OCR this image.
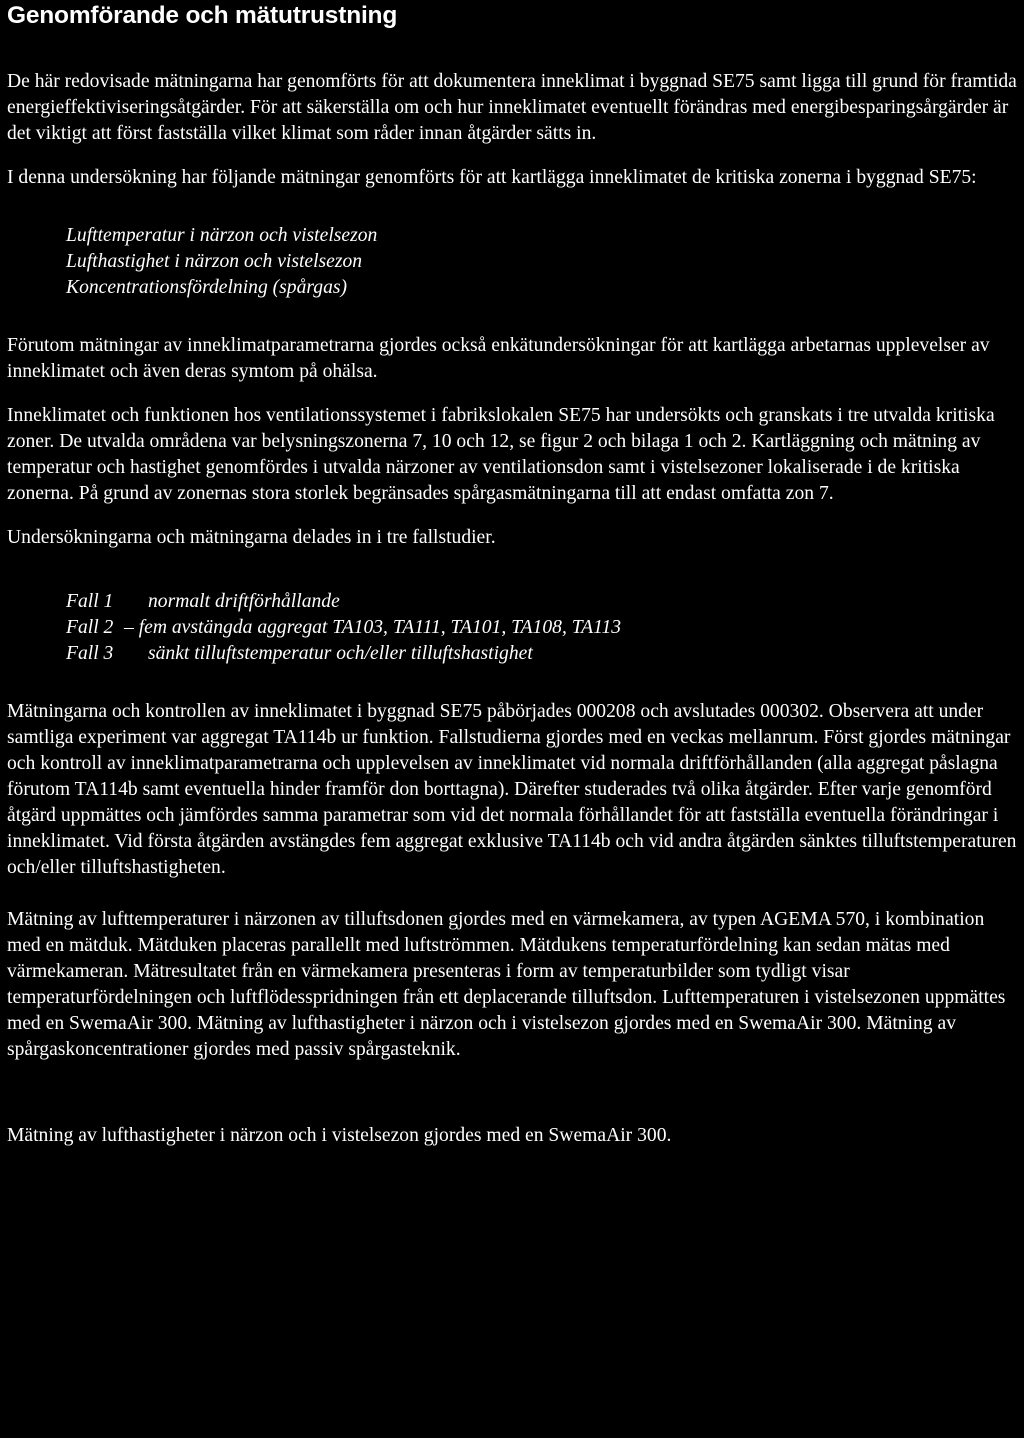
Genomförande och mätutrustning

De här redovisade mätningarna har genomförts för att dokumentera inneklimat i byggnad SE75 samt ligga till grund för framtida energieffektiviseringsåtgärder. För att säkerställa om och hur inneklimatet eventuellt förändras med energibesparingsårgärder är det viktigt att först fastställa vilket klimat som råder innan åtgärder sätts in.

I denna undersökning har följande mätningar genomförts för att kartlägga inneklimatet de kritiska zonerna i byggnad SE75:

Lufttemperatur i närzon och vistelsezon
Lufthastighet i närzon och vistelsezon
Koncentrationsfördelning (spårgas)

Förutom mätningar av inneklimatparametrarna gjordes också enkätundersökningar för att kartlägga arbetarnas upplevelser av inneklimatet och även deras symtom på ohälsa.

Inneklimatet och funktionen hos ventilationssystemet i fabrikslokalen SE75 har undersökts och granskats i tre utvalda kritiska zoner. De utvalda områdena var belysningszonerna 7, 10 och 12, se figur 2 och bilaga 1 och 2. Kartläggning och mätning av temperatur och hastighet genomfördes i utvalda närzoner av ventilationsdon samt i vistelsezoner lokaliserade i de kritiska zonerna. På grund av zonernas stora storlek begränsades spårgasmätningarna till att endast omfatta zon 7.

Undersökningarna och mätningarna delades in i tre fallstudier.

Fall 1	normalt driftförhållande
Fall 2 – fem avstängda aggregat TA103, TA111, TA101, TA108, TA113
Fall 3	sänkt tilluftstemperatur och/eller tilluftshastighet

Mätningarna och kontrollen av inneklimatet i byggnad SE75 påbörjades 000208 och avslutades 000302. Observera att under samtliga experiment var aggregat TA114b ur funktion. Fallstudierna gjordes med en veckas mellanrum. Först gjordes mätningar och kontroll av inneklimatparametrarna och upplevelsen av inneklimatet vid normala driftförhållanden (alla aggregat påslagna förutom TA114b samt eventuella hinder framför don borttagna). Därefter studerades två olika åtgärder. Efter varje genomförd åtgärd uppmättes och jämfördes samma parametrar som vid det normala förhållandet för att fastställa eventuella förändringar i inneklimatet. Vid första åtgärden avstängdes fem aggregat exklusive TA114b och vid andra åtgärden sänktes tilluftstemperaturen och/eller tilluftshastigheten.

Mätning av lufttemperaturer i närzonen av tilluftsdonen gjordes med en värmekamera, av typen AGEMA 570, i kombination med en mätduk. Mätduken placeras parallellt med luftströmmen. Mätdukens temperaturfördelning kan sedan mätas med värmekameran. Mätresultatet från en värmekamera presenteras i form av temperaturbilder som tydligt visar temperaturfördelningen och luftflödesspridningen från ett deplacerande tilluftsdon. Lufttemperaturen i vistelsezonen uppmättes med en SwemaAir 300. Mätning av lufthastigheter i närzon och i vistelsezon gjordes med en SwemaAir 300. Mätning av spårgaskoncentrationer gjordes med passiv spårgasteknik.

Mätning av lufthastigheter i närzon och i vistelsezon gjordes med en SwemaAir 300.
